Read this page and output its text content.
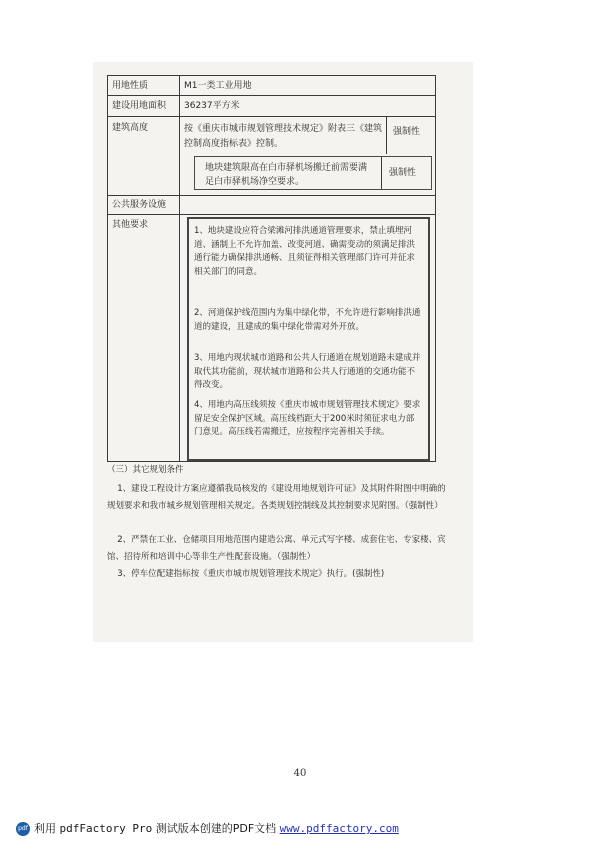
用地性质	M1一类工业用地
建设用地面积 36237平方米
建筑高度	按《重庆市城市规划管理技术规定》附表三《建筑控制高度指标表》控制。
强制性
地块建筑限高在白市驿机场搬迁前需要满足白市驿机场净空要求。
强制性
公共服务设施
其他要求
1、地块建设应符合梁滩河排洪通道管理要求，禁止填埋河道、涵制上不允许加盖、改变河道、确需变动的须满足排洪通行能力确保排洪通畅、且须征得相关管理部门许可并征求相关部门的同意。
2、河道保护线范围内为集中绿化带，不允许进行影响排洪通道的建设，且建成的集中绿化带需对外开放。
3、用地内现状城市道路和公共人行通道在规划道路未建成并取代其功能前，现状城市道路和公共人行通道的交通功能不得改变。
4、用地内高压线须按《重庆市城市规划管理技术规定》要求留足安全保护区域。高压线档距大于200米时须征求电力部门意见。高压线若需搬迁，应按程序完善相关手续。
（三）其它规划条件
1、建设工程设计方案应遵循我局核发的《建设用地规划许可证》及其附件附图中明确的规划要求和我市城乡规划管理相关规定。各类规划控制线及其控制要求见附图。（强制性）
2、严禁在工业、仓储项目用地范围内建造公寓、单元式写字楼、成套住宅、专家楼、宾馆、招待所和培训中心等非生产性配套设施。（强制性）
3、停车位配建指标按《重庆市城市规划管理技术规定》执行。(强制性)
40
pdf 利用 pdfFactory Pro 测试版本创建的PDF文档 www.pdffactory.com
